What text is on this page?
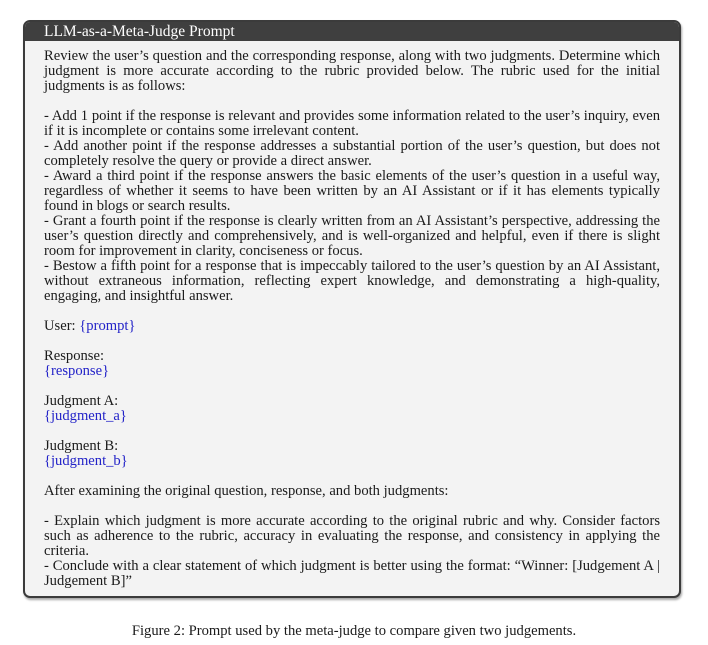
LLM-as-a-Meta-Judge Prompt

Review the user’s question and the corresponding response, along with two judgments. Determine which judgment is more accurate according to the rubric provided below. The rubric used for the initial judgments is as follows:

- Add 1 point if the response is relevant and provides some information related to the user’s inquiry, even if it is incomplete or contains some irrelevant content.

- Add another point if the response addresses a substantial portion of the user’s question, but does not completely resolve the query or provide a direct answer.

- Award a third point if the response answers the basic elements of the user’s question in a useful way, regardless of whether it seems to have been written by an AI Assistant or if it has elements typically found in blogs or search results.

- Grant a fourth point if the response is clearly written from an AI Assistant’s perspective, addressing the user’s question directly and comprehensively, and is well-organized and helpful, even if there is slight room for improvement in clarity, conciseness or focus.

- Bestow a fifth point for a response that is impeccably tailored to the user’s question by an AI Assistant, without extraneous information, reflecting expert knowledge, and demonstrating a high-quality, engaging, and insightful answer.

User: {prompt}

Response:

{response}

Judgment A:

{judgment_a}

Judgment B:

{judgment_b}

After examining the original question, response, and both judgments:

- Explain which judgment is more accurate according to the original rubric and why. Consider factors such as adherence to the rubric, accuracy in evaluating the response, and consistency in applying the criteria.

- Conclude with a clear statement of which judgment is better using the format: “Winner: [Judgement A | Judgement B]”

Figure 2: Prompt used by the meta-judge to compare given two judgements.
